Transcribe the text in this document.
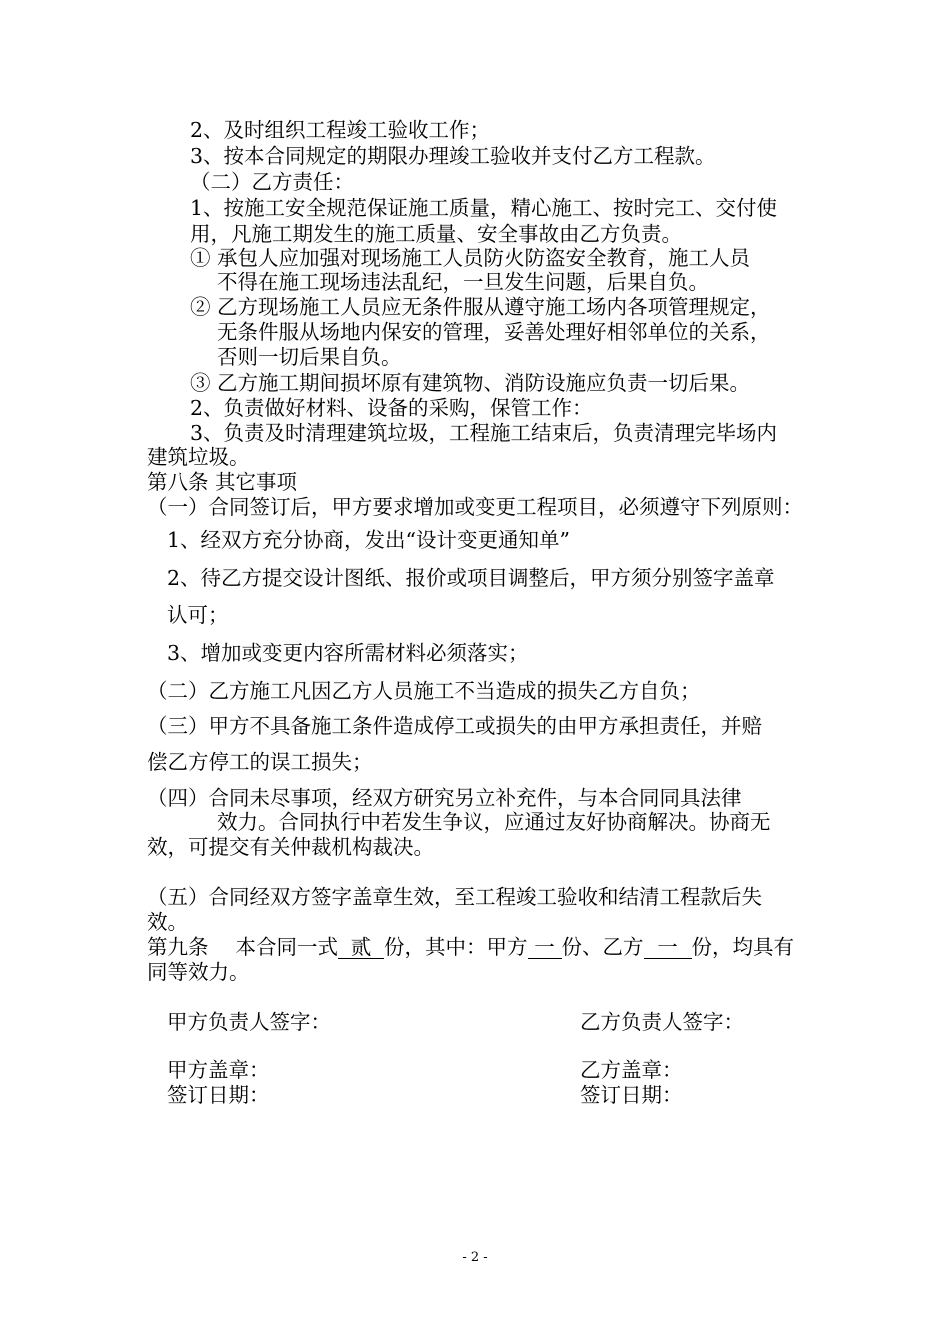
2、及时组织工程竣工验收工作；
3、按本合同规定的期限办理竣工验收并支付乙方工程款。
（二）乙方责任：
1、按施工安全规范保证施工质量，精心施工、按时完工、交付使
用，凡施工期发生的施工质量、安全事故由乙方负责。
① 承包人应加强对现场施工人员防火防盗安全教育，施工人员
不得在施工现场违法乱纪，一旦发生问题，后果自负。
② 乙方现场施工人员应无条件服从遵守施工场内各项管理规定，
无条件服从场地内保安的管理，妥善处理好相邻单位的关系，
否则一切后果自负。
③ 乙方施工期间损坏原有建筑物、消防设施应负责一切后果。
2、负责做好材料、设备的采购，保管工作：
3、负责及时清理建筑垃圾，工程施工结束后，负责清理完毕场内
建筑垃圾。
第八条 其它事项
（一）合同签订后，甲方要求增加或变更工程项目，必须遵守下列原则：
1、经双方充分协商，发出“设计变更通知单”
2、待乙方提交设计图纸、报价或项目调整后，甲方须分别签字盖章
认可；
3、增加或变更内容所需材料必须落实；
（二）乙方施工凡因乙方人员施工不当造成的损失乙方自负；
（三）甲方不具备施工条件造成停工或损失的由甲方承担责任，并赔
偿乙方停工的误工损失；
（四）合同未尽事项，经双方研究另立补充件，与本合同同具法律
效力。合同执行中若发生争议，应通过友好协商解决。协商无
效，可提交有关仲裁机构裁决。
（五）合同经双方签字盖章生效，至工程竣工验收和结清工程款后失
效。
第九条　 本合同一式 贰 份，其中：甲方 一 份、乙方 一 份，均具有
同等效力。
甲方负责人签字：	乙方负责人签字：
甲方盖章：	乙方盖章：
签订日期：	签订日期：
- 2 -
